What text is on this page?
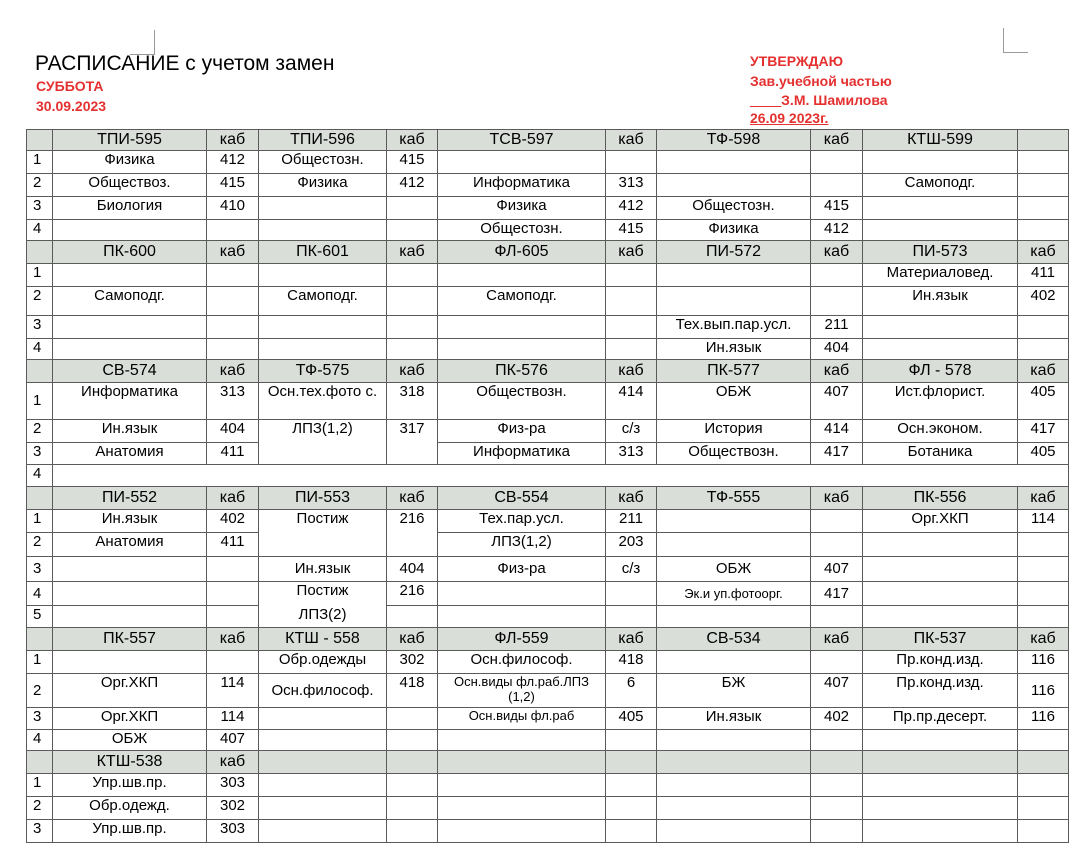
РАСПИСАНИЕ с учетом замен
СУББОТА
30.09.2023
УТВЕРЖДАЮ
Зав.учебной частью
____З.М. Шамилова
26.09 2023г.
	ТПИ-595	каб	ТПИ-596	каб	ТСВ-597	каб	ТФ-598	каб	КТШ-599	
1	Физика	412	Общестозн.	415						
2	Обществоз.	415	Физика	412	Информатика	313			Самоподг.	
3	Биология	410			Физика	412	Общестозн.	415		
4					Общестозн.	415	Физика	412		
	ПК-600	каб	ПК-601	каб	ФЛ-605	каб	ПИ-572	каб	ПИ-573	каб
1									Материаловед.	411
2	Самоподг.		Самоподг.		Самоподг.				Ин.язык	402
3							Тех.вып.пар.усл.	211		
4							Ин.язык	404		
	СВ-574	каб	ТФ-575	каб	ПК-576	каб	ПК-577	каб	ФЛ - 578	каб
1	Информатика	313	Осн.тех.фото с.	318	Обществозн.	414	ОБЖ	407	Ист.флорист.	405
2	Ин.язык	404	ЛПЗ(1,2)	317	Физ-ра	с/з	История	414	Осн.эконом.	417
3	Анатомия	411			Информатика	313	Обществозн.	417	Ботаника	405
4										
	ПИ-552	каб	ПИ-553	каб	СВ-554	каб	ТФ-555	каб	ПК-556	каб
1	Ин.язык	402	Постиж	216	Тех.пар.усл.	211			Орг.ХКП	114
2	Анатомия	411			ЛПЗ(1,2)	203				
3			Ин.язык	404	Физ-ра	с/з	ОБЖ	407		
4			Постиж	216			Эк.и уп.фотоорг.	417		
5			ЛПЗ(2)							
	ПК-557	каб	КТШ - 558	каб	ФЛ-559	каб	СВ-534	каб	ПК-537	каб
1			Обр.одежды	302	Осн.философ.	418			Пр.конд.изд.	116
2	Орг.ХКП	114	Осн.философ.	418	Осн.виды фл.раб.ЛПЗ (1,2)	6	БЖ	407	Пр.конд.изд.	116
3	Орг.ХКП	114			Осн.виды фл.раб	405	Ин.язык	402	Пр.пр.десерт.	116
4	ОБЖ	407								
	КТШ-538	каб								
1	Упр.шв.пр.	303								
2	Обр.одежд.	302								
3	Упр.шв.пр.	303								
